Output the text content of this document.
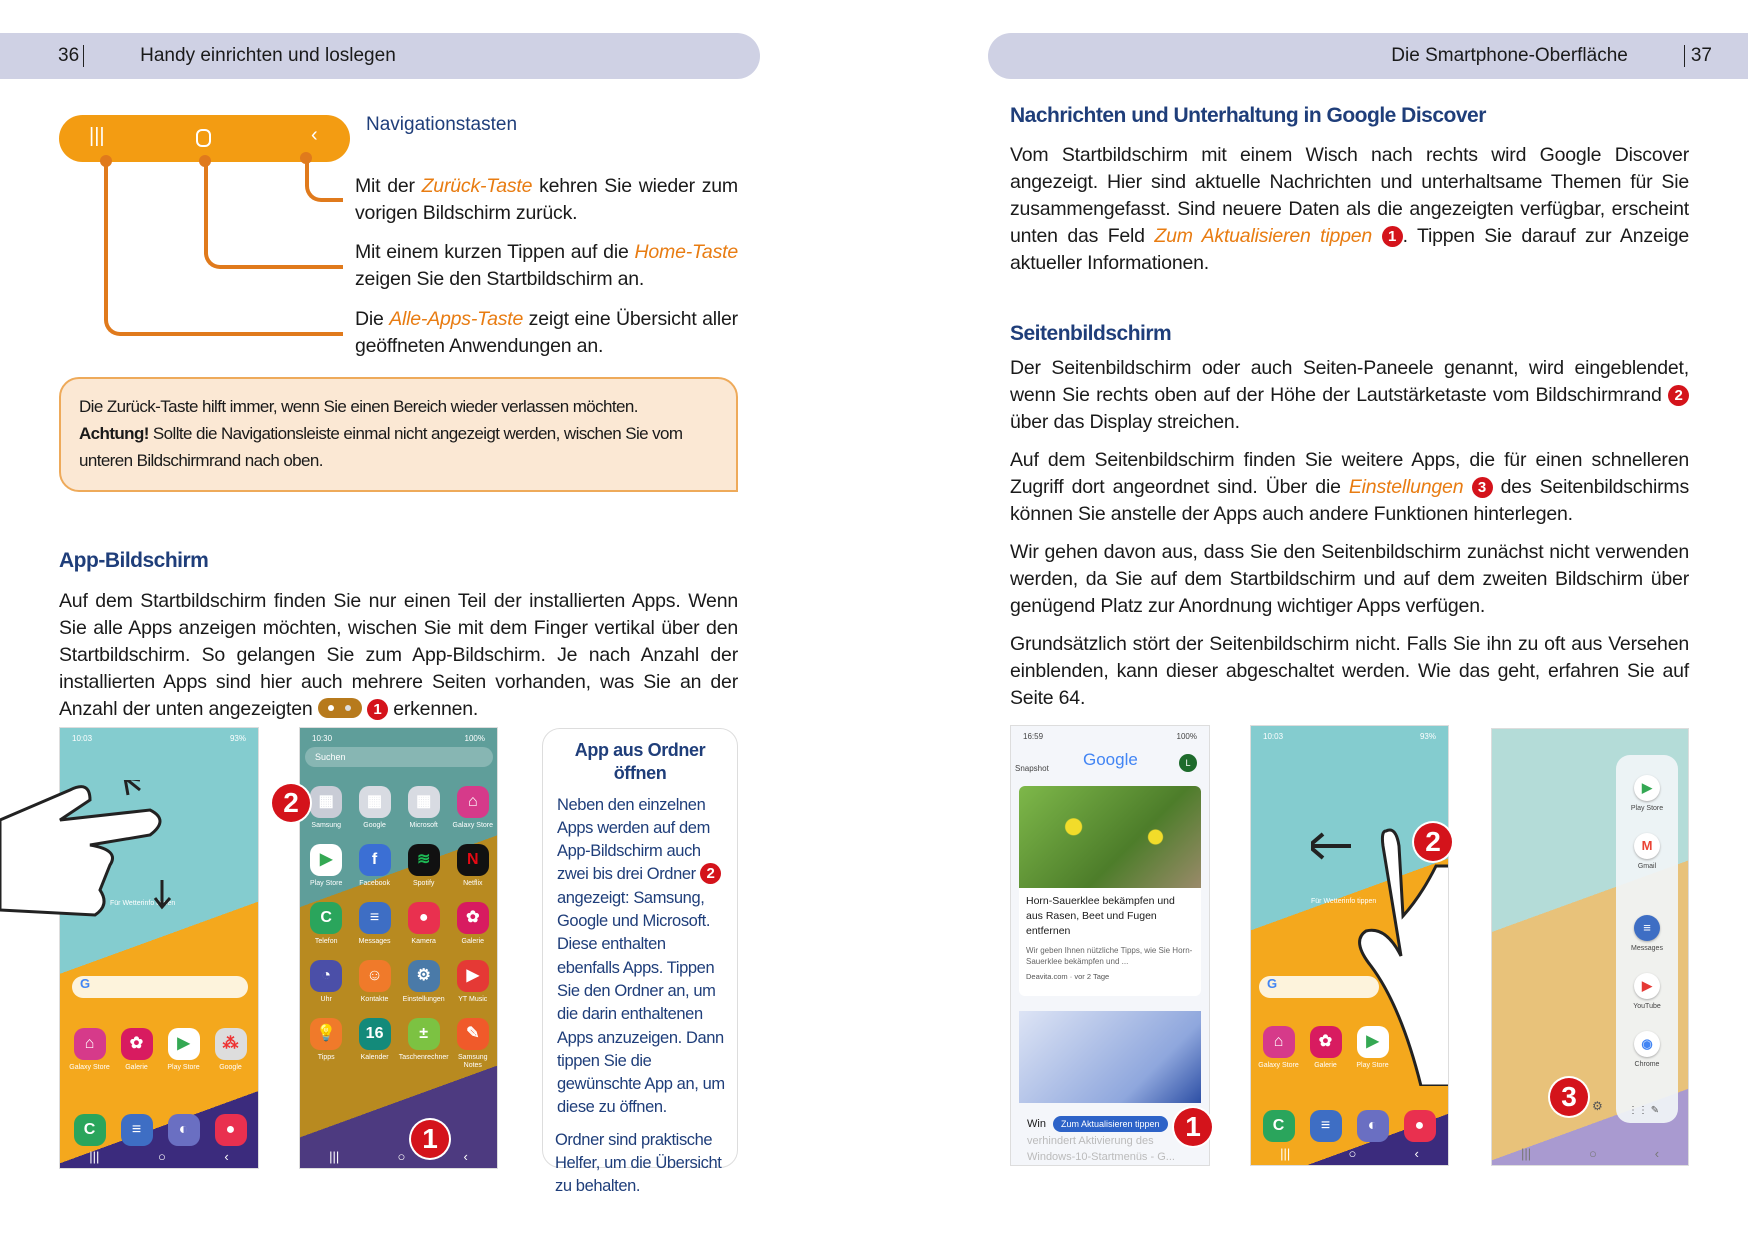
36	Handy einrichten und loslegen
|||	‹	Navigationstasten
Mit der Zurück-Taste kehren Sie wieder zum vorigen Bildschirm zurück.
Mit einem kurzen Tippen auf die Home-Taste zeigen Sie den Startbildschirm an.
Die Alle-Apps-Taste zeigt eine Übersicht aller geöffneten Anwendungen an.
Die Zurück-Taste hilft immer, wenn Sie einen Bereich wieder verlassen möchten.
Achtung! Sollte die Navigationsleiste einmal nicht angezeigt werden, wischen Sie vom unteren Bildschirmrand nach oben.
App-Bildschirm
Auf dem Startbildschirm finden Sie nur einen Teil der installierten Apps. Wenn Sie alle Apps anzeigen möchten, wischen Sie mit dem Finger vertikal über den Startbildschirm. So gelangen Sie zum App-Bildschirm. Je nach Anzahl der installierten Apps sind hier auch mehrere Seiten vorhanden, was Sie an der Anzahl der unten angezeigten	1 erkennen.
10:03	93%
Für Wetterinfo tippen
G
⌂
Galaxy Store
✿
Galerie
▶
Play Store
⁂
Google
C	≡	◐	●
|||	○	‹
10:30	100%
Suchen
▦
Samsung
▦
Google
▦
Microsoft
⌂
Galaxy Store
▶
Play Store
f
Facebook
≋
Spotify
N
Netflix
C
Telefon
≡
Messages
●
Kamera
✿
Galerie
◔
Uhr
☺
Kontakte
⚙
Einstellungen
▶
YT Music
💡
Tipps
16
Kalender
±
Taschenrechner
✎
Samsung Notes
|||	○	‹
2
1
App aus Ordner öffnen
Neben den einzelnen Apps werden auf dem App-Bildschirm auch zwei bis drei Ordner 2 angezeigt: Samsung, Google und Microsoft. Diese enthalten ebenfalls Apps. Tippen Sie den Ordner an, um die darin enthaltenen Apps anzuzeigen. Dann tippen Sie die gewünschte App an, um diese zu öffnen.
Ordner sind praktische Helfer, um die Übersicht zu behalten.
Die Smartphone-Oberfläche	37
Nachrichten und Unterhaltung in Google Discover
Vom Startbildschirm mit einem Wisch nach rechts wird Google Discover angezeigt. Hier sind aktuelle Nachrichten und unterhaltsame Themen für Sie zusammengefasst. Sind neuere Daten als die angezeigten verfügbar, erscheint unten das Feld Zum Aktualisieren tippen 1 . Tippen Sie darauf zur Anzeige aktueller Informationen.
Seitenbildschirm

Der Seitenbildschirm oder auch Seiten-Paneele genannt, wird eingeblendet, wenn Sie rechts oben auf der Höhe der Lautstärketaste vom Bildschirmrand 2 über das Display streichen.

Auf dem Seitenbildschirm finden Sie weitere Apps, die für einen schnelleren Zugriff dort angeordnet sind. Über die Einstellungen 3 des Seitenbildschirms können Sie anstelle der Apps auch andere Funktionen hinterlegen.

Wir gehen davon aus, dass Sie den Seitenbildschirm zunächst nicht verwenden werden, da Sie auf dem Startbildschirm und auf dem zweiten Bildschirm über genügend Platz zur Anordnung wichtiger Apps verfügen.

Grundsätzlich stört der Seitenbildschirm nicht. Falls Sie ihn zu oft aus Versehen einblenden, kann dieser abgeschaltet werden. Wie das geht, erfahren Sie auf Seite 64.

16:59	100%
Snapshot Google	L
Horn-Sauerklee bekämpfen und aus Rasen, Beet und Fugen entfernen
Wir geben Ihnen nützliche Tipps, wie Sie Horn-Sauerklee bekämpfen und ...
Deavita.com · vor 2 Tage
Win	Zum Aktualisieren tippen
verhindert Aktivierung des
Windows-10-Startmenüs - G...
1
10:03	93%
Für Wetterinfo tippen
G
⌂
Galaxy Store
✿
Galerie
▶
Play Store
C	≡	◐	●
|||	○	‹
2
▶
Play Store
M
Gmail
≡
Messages
▶
YouTube
◉
Chrome
⋮⋮ ✎
⚙
|||	○	‹
3
